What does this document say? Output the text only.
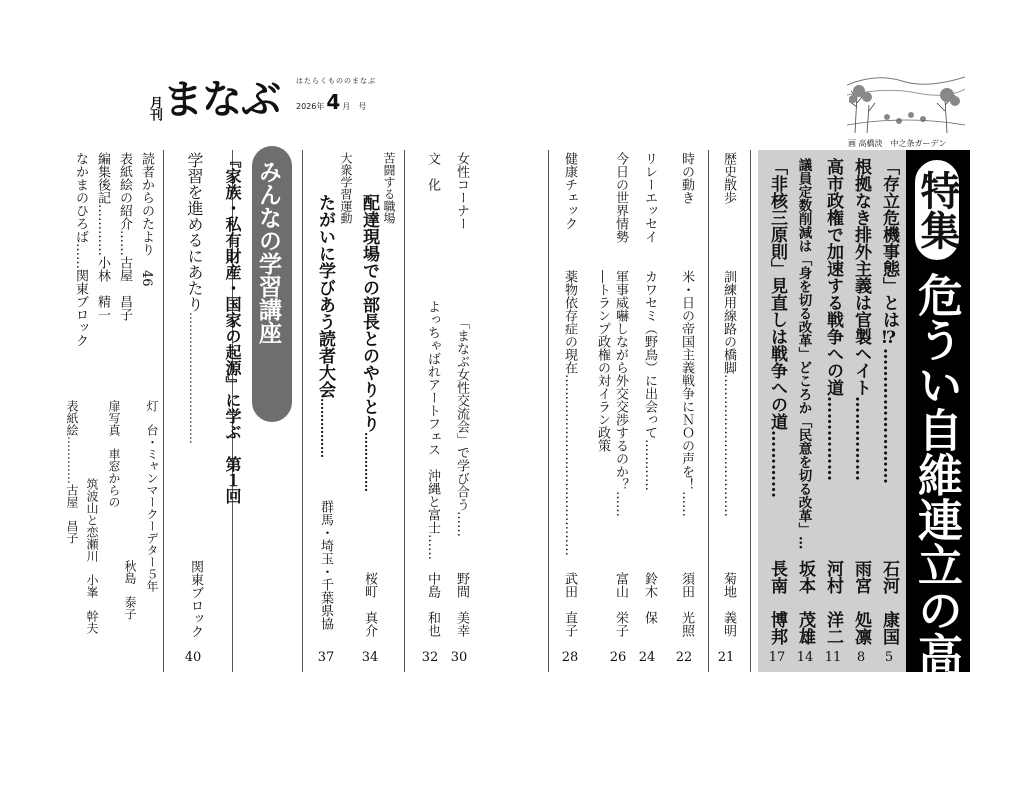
月刊 まなぶ はたらくもののまなぶ
2026年 4 月　号
画 高橋淡　中之条ガーデン
特集
危うい自維連立の高市政権
「存立危機事態」とは⁉……………………
石河　康国
根拠なき排外主義は官製ヘイト……………
雨宮　処凛
高市政権で加速する戦争への道……………
河村　洋二
議員定数削減は「身を切る改革」どころか「民意を切る改革」…
坂本　茂雄
「非核三原則」見直しは戦争への道…………
長南　博邦
5
8
11
14
17
歴史散歩
訓練用線路の橋脚……………………………
菊地　義明
21
時の動き
米・日の帝国主義戦争にＮＯの声を！……
須田　光照
22
リレーエッセイ
カワセミ（野鳥）に出会って…………
鈴木　保
24
今日の世界情勢
軍事威嚇しながら外交交渉するのか？……
―トランプ政権の対イラン政策
富山　栄子
26
健康チェック
薬物依存症の現在……………………………………
武田　直子
28
女性コーナー
「まなぶ女性交流会」で学び合う……
野間　美幸
30
文　化
よっちゃばれアートフェス　沖縄と富士……
中島　和也
32
苦闘する職場
配達現場での部長とのやりとり……………
桜町　真介
34
大衆学習運動
たがいに学びあう読者大会……………
群馬・埼玉・千葉県協
37
みんなの学習講座
『家族・私有財産・国家の起源』に学ぶ　第１回
学習を進めるにあたり……………………………
関東ブロック
40
読者からのたより
46
表紙絵の紹介……古屋　昌子
編集後記…………小林　精一
なかまのひろば……関東ブロック
灯　台・ミャンマークーデター５年
秋島　泰子
扉写真　車窓からの
筑波山と恋瀬川　小峯　幹夫
表紙絵…………古屋　昌子
